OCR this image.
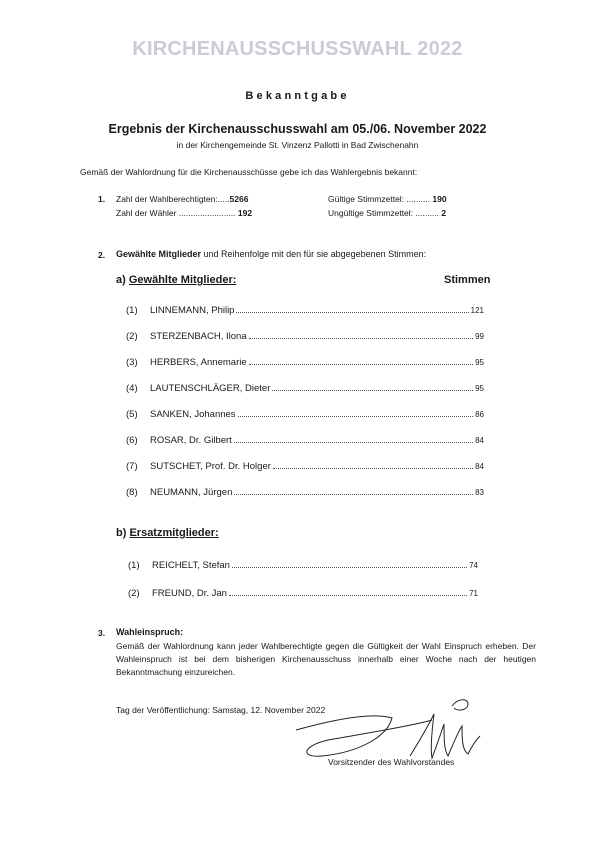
KIRCHENAUSSCHUSSWAHL 2022
Bekanntgabe
Ergebnis der Kirchenausschusswahl am 05./06. November 2022
in der Kirchengemeinde St. Vinzenz Pallotti in Bad Zwischenahn
Gemäß der Wahlordnung für die Kirchenausschüsse gebe ich das Wahlergebnis bekannt:
1. Zahl der Wahlberechtigten:.....5266
Zahl der Wähler ........................ 192
Gültige Stimmzettel: .......... 190
Ungültige Stimmzettel: .......... 2
2. Gewählte Mitglieder und Reihenfolge mit den für sie abgegebenen Stimmen:
a) Gewählte Mitglieder:	Stimmen
(1)	LINNEMANN, Philip	121
(2)	STERZENBACH, Ilona	99
(3)	HERBERS, Annemarie	95
(4)	LAUTENSCHLÄGER, Dieter	95
(5)	SANKEN, Johannes	86
(6)	ROSAR, Dr. Gilbert	84
(7)	SUTSCHET, Prof. Dr. Holger	84
(8)	NEUMANN, Jürgen	83
b) Ersatzmitglieder:
(1)	REICHELT, Stefan	74
(2)	FREUND, Dr. Jan	71
3. Wahleinspruch:
Gemäß der Wahlordnung kann jeder Wahlberechtigte gegen die Gültigkeit der Wahl Einspruch erheben. Der Wahleinspruch ist bei dem bisherigen Kirchenausschuss innerhalb einer Woche nach der heutigen Bekanntmachung einzureichen.
Tag der Veröffentlichung: Samstag, 12. November 2022
Vorsitzender des Wahlvorstandes
